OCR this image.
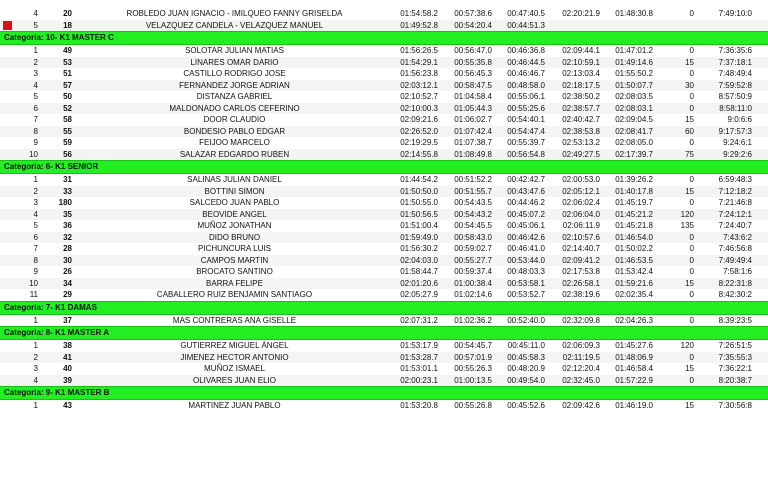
4	20	ROBLEDO JUAN IGNACIO - IMILQUEO FANNY GRISELDA	01:54:58.2	00:57:38.6	00:47:40.5	02:20:21.9	01:48:30.8	0	7:49:10:0
5	18	VELAZQUEZ CANDELA - VELAZQUEZ MANUEL	01:49:52.8	00:54:20.4	00:44:51.3
Categoria: 10- K1 MASTER C
1	49	SOLOTAR JULIAN MATIAS	01:56:26.5	00:56:47.0	00:46:36.8	02:09:44.1	01:47:01.2	0	7:36:35:6
2	53	LINARES OMAR DARIO	01:54:29.1	00:55:35.8	00:46:44.5	02:10:59.1	01:49:14.6	15	7:37:18:1
3	51	CASTILLO RODRIGO JOSE	01:56:23.8	00:56:45.3	00:46:46.7	02:13:03.4	01:55:50.2	0	7:48:49:4
4	57	FERNANDEZ JORGE ADRIAN	02:03:12.1	00:58:47.5	00:48:58.0	02:18:17.5	01:50:07.7	30	7:59:52:8
5	50	DISTANZA GABRIEL	02:10:52.7	01:04:58.4	00:55:06.1	02:38:50.2	02:08:03.5	0	8:57:50:9
6	52	MALDONADO CARLOS CEFERINO	02:10:00.3	01:05:44.3	00:55:25.6	02:38:57.7	02:08:03.1	0	8:58:11:0
7	58	DOOR CLAUDIO	02:09:21.6	01:06:02.7	00:54:40.1	02:40:42.7	02:09:04.5	15	9:0:6:6
8	55	BONDESIO PABLO EDGAR	02:26:52.0	01:07:42.4	00:54:47.4	02:38:53.8	02:08:41.7	60	9:17:57:3
9	59	FEIJOO MARCELO	02:19:29.5	01:07:38.7	00:55:39.7	02:53:13.2	02:08:05.0	0	9:24:6:1
10	56	SALAZAR EDGARDO RUBEN	02:14:55.8	01:08:49.8	00:56:54.8	02:49:27.5	02:17:39.7	75	9:29:2:6
Categoria: 6- K1 SENIOR
1	31	SALINAS JULIAN DANIEL	01:44:54.2	00:51:52.2	00:42:42.7	02:00:53.0	01:39:26.2	0	6:59:48:3
2	33	BOTTINI SIMON	01:50:50.0	00:51:55.7	00:43:47.6	02:05:12.1	01:40:17.8	15	7:12:18:2
3	180	SALCEDO JUAN PABLO	01:50:55.0	00:54:43.5	00:44:46.2	02:06:02.4	01:45:19.7	0	7:21:46:8
4	35	BEOVIDE ANGEL	01:50:56.5	00:54:43.2	00:45:07.2	02:06:04.0	01:45:21.2	120	7:24:12:1
5	36	MUÑOZ JONATHAN	01:51:00.4	00:54:45.5	00:45:06.1	02:06:11.9	01:45:21.8	135	7:24:40:7
6	32	DIDO BRUNO	01:59:49.0	00:58:43.0	00:46:42.6	02:10:57.6	01:46:54.0	0	7:43:6:2
7	28	PICHUNCURA LUIS	01:56:30.2	00:59:02.7	00:46:41.0	02:14:40.7	01:50:02.2	0	7:46:56:8
8	30	CAMPOS MARTIN	02:04:03.0	00:55:27.7	00:53:44.0	02:09:41.2	01:46:53.5	0	7:49:49:4
9	26	BROCATO SANTINO	01:58:44.7	00:59:37.4	00:48:03.3	02:17:53.8	01:53:42.4	0	7:58:1:6
10	34	BARRA FELIPE	02:01:20.6	01:00:38.4	00:53:58.1	02:26:58.1	01:59:21.6	15	8:22:31:8
11	29	CABALLERO RUIZ BENJAMIN SANTIAGO	02:05:27.9	01:02:14.6	00:53:52.7	02:38:19.6	02:02:35.4	0	8:42:30:2
Categoria: 7- K1 DAMAS
1	37	MAS CONTRERAS ANA GISELLE	02:07:31.2	01:02:36.2	00:52:40.0	02:32:09.8	02:04:26.3	0	8:39:23:5
Categoria: 8- K1 MASTER A
1	38	GUTIERREZ MIGUEL ÁNGEL	01:53:17.9	00:54:45.7	00:45:11.0	02:06:09.3	01:45:27.6	120	7:26:51:5
2	41	JIMENEZ HECTOR ANTONIO	01:53:28.7	00:57:01.9	00:45:58.3	02:11:19.5	01:48:06.9	0	7:35:55:3
3	40	MUÑOZ ISMAEL	01:53:01.1	00:55:26.3	00:48:20.9	02:12:20.4	01:46:58.4	15	7:36:22:1
4	39	OLIVARES JUAN ELIO	02:00:23.1	01:00:13.5	00:49:54.0	02:32:45.0	01:57:22.9	0	8:20:38:7
Categoria: 9- K1 MASTER B
1	43	MARTINEZ JUAN PABLO	01:53:20.8	00:55:26.8	00:45:52.6	02:09:42.6	01:46:19.0	15	7:30:56:8
